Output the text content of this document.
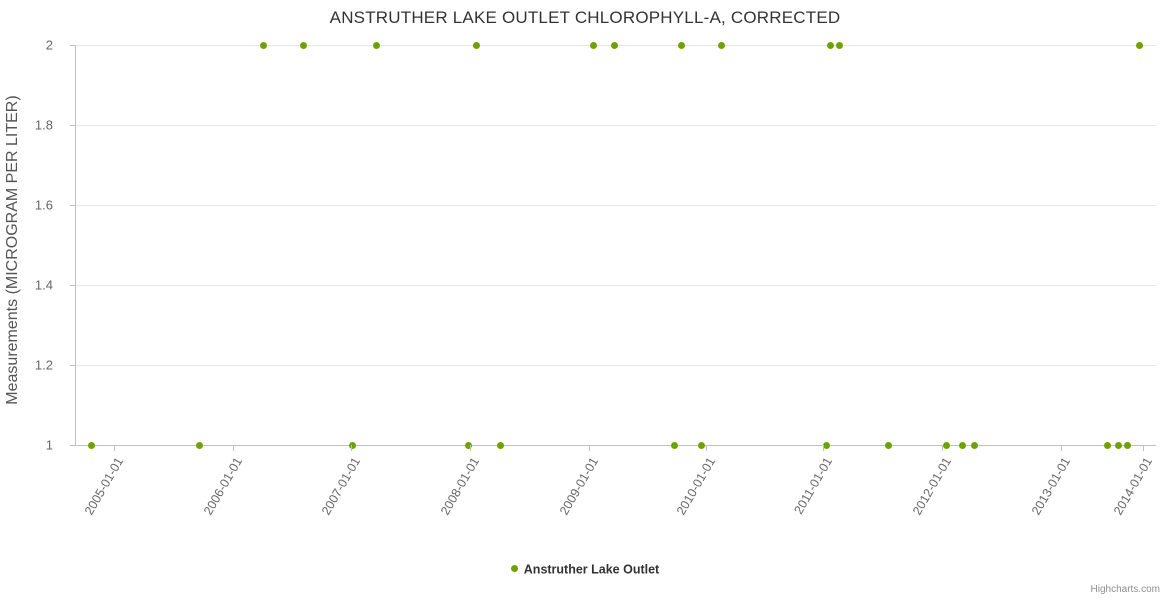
ANSTRUTHER LAKE OUTLET CHLOROPHYLL-A, CORRECTED
Measurements (MICROGRAM PER LITER)
1
1.2
1.4
1.6
1.8
2
2005-01-01	2006-01-01	2007-01-01	2008-01-01	2009-01-01	2010-01-01	2011-01-01	2012-01-01	2013-01-01	2014-01-01
Anstruther Lake Outlet
Highcharts.com
